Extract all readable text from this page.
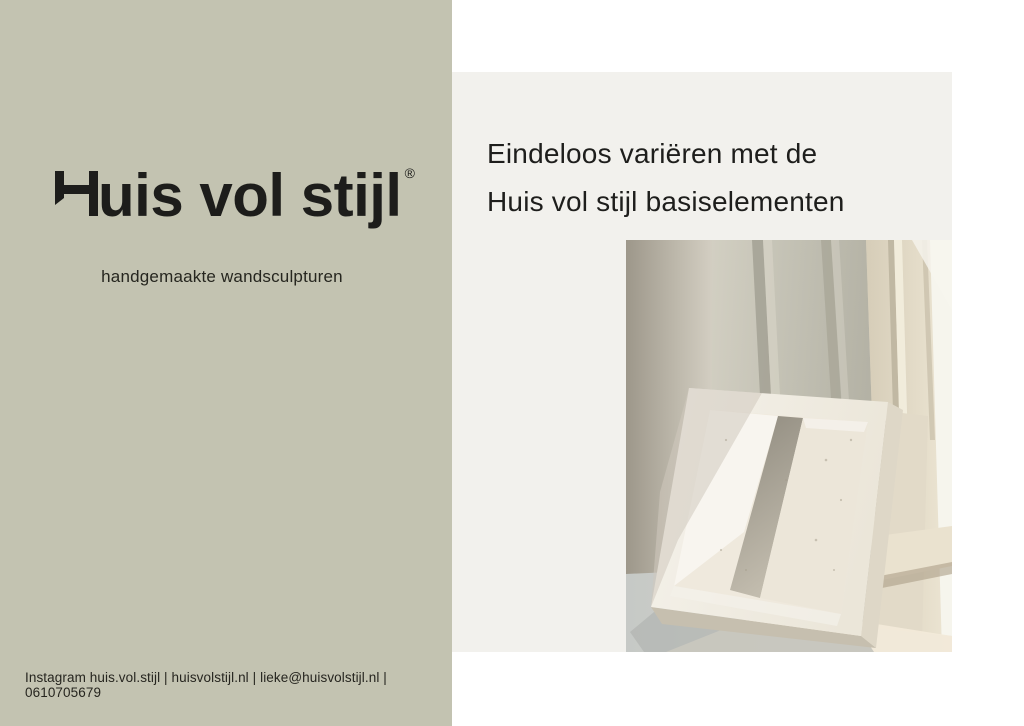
uis vol stijl ®
handgemaakte wandsculpturen
Instagram huis.vol.stijl | huisvolstijl.nl | lieke@huisvolstijl.nl | 0610705679
Eindeloos variëren met de
Huis vol stijl basiselementen
